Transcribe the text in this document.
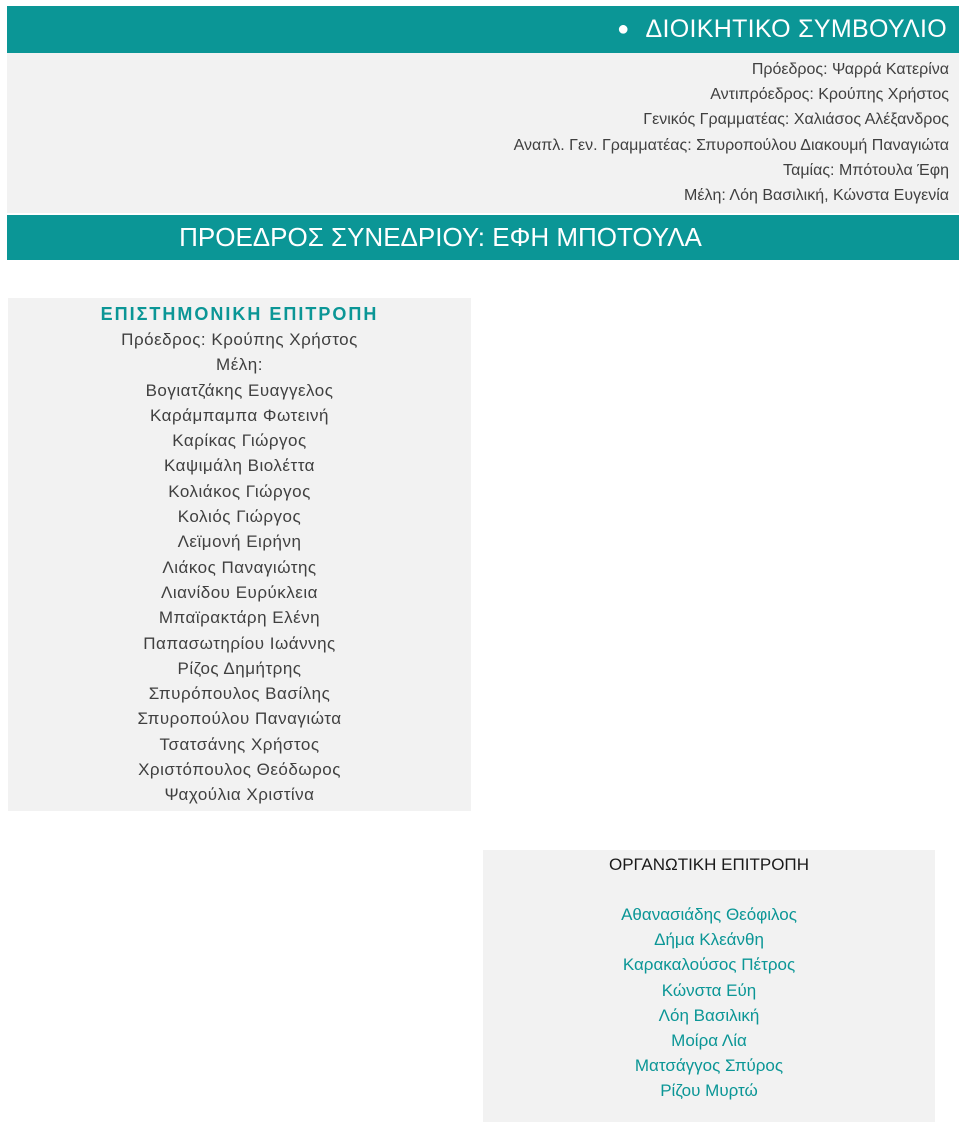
● ΔΙΟΙΚΗΤΙΚΟ ΣΥΜΒΟΥΛΙΟ
Πρόεδρος: Ψαρρά Κατερίνα
Αντιπρόεδρος: Κρούπης Χρήστος
Γενικός Γραμματέας: Χαλιάσος Αλέξανδρος
Αναπλ. Γεν. Γραμματέας: Σπυροπούλου Διακουμή Παναγιώτα
Ταμίας: Μπότουλα Έφη
Μέλη: Λόη Βασιλική, Κώνστα Ευγενία
ΠΡΟΕΔΡΟΣ ΣΥΝΕΔΡΙΟΥ: ΕΦΗ ΜΠΟΤΟΥΛΑ
ΕΠΙΣΤΗΜΟΝΙΚΗ ΕΠΙΤΡΟΠΗ
Πρόεδρος: Κρούπης Χρήστος
Μέλη:
Βογιατζάκης Ευαγγελος
Καράμπαμπα Φωτεινή
Καρίκας Γιώργος
Καψιμάλη Βιολέττα
Κολιάκος Γιώργος
Κολιός Γιώργος
Λεϊμονή Ειρήνη
Λιάκος Παναγιώτης
Λιανίδου Ευρύκλεια
Μπαϊρακτάρη Ελένη
Παπασωτηρίου Ιωάννης
Ρίζος Δημήτρης
Σπυρόπουλος Βασίλης
Σπυροπούλου Παναγιώτα
Τσατσάνης Χρήστος
Χριστόπουλος Θεόδωρος
Ψαχούλια Χριστίνα
ΟΡΓΑΝΩΤΙΚΗ ΕΠΙΤΡΟΠΗ
Αθανασιάδης Θεόφιλος
Δήμα Κλεάνθη
Καρακαλούσος Πέτρος
Κώνστα Εύη
Λόη Βασιλική
Μοίρα Λία
Ματσάγγος Σπύρος
Ρίζου Μυρτώ
